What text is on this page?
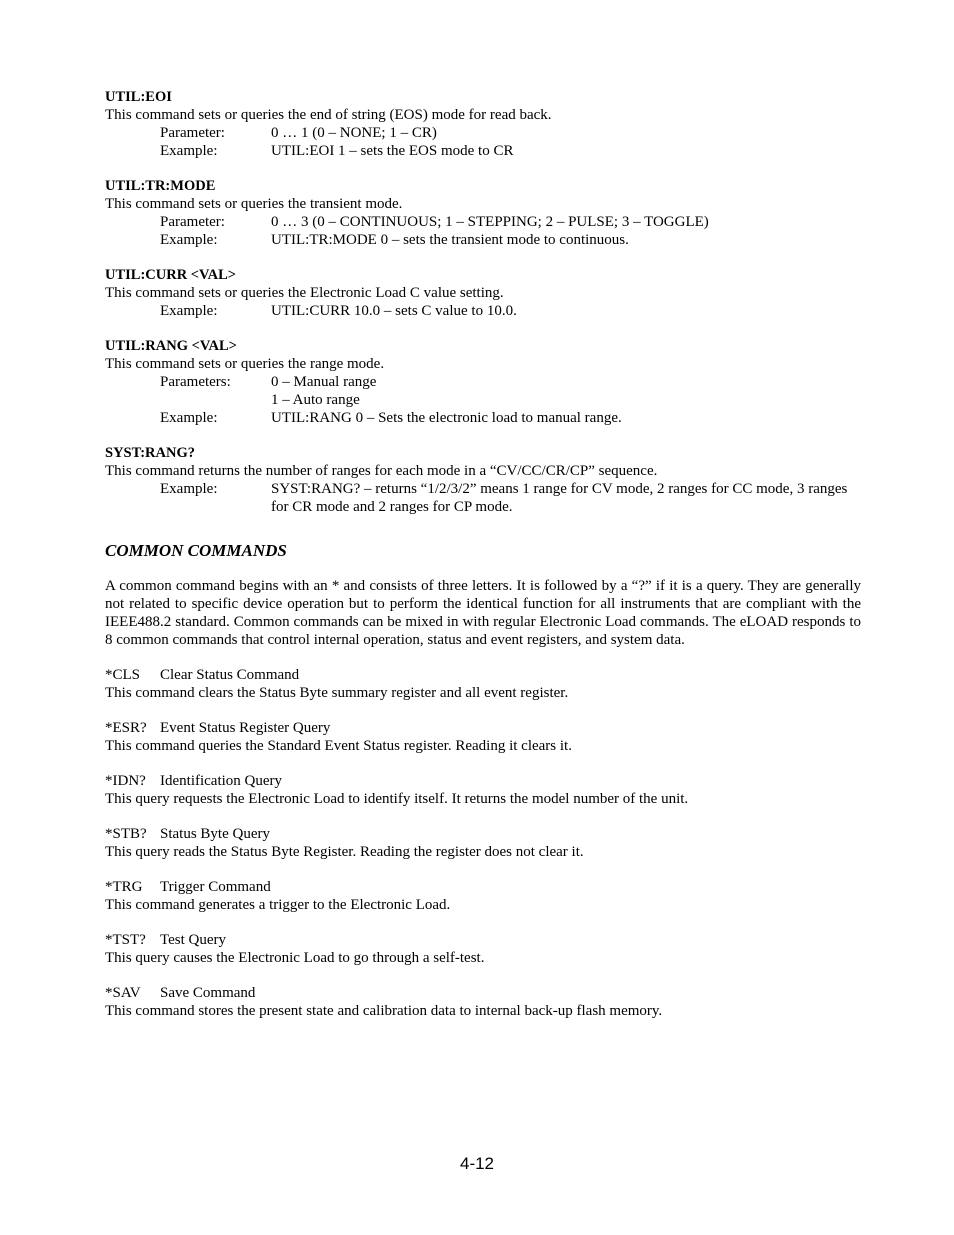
UTIL:EOI

This command sets or queries the end of string (EOS) mode for read back.

Parameter:	0 … 1 (0 – NONE; 1 – CR)
Example:	UTIL:EOI 1 – sets the EOS mode to CR

UTIL:TR:MODE

This command sets or queries the transient mode.

Parameter:	0 … 3 (0 – CONTINUOUS; 1 – STEPPING; 2 – PULSE; 3 – TOGGLE)
Example:	UTIL:TR:MODE 0 – sets the transient mode to continuous.

UTIL:CURR <VAL>

This command sets or queries the Electronic Load C value setting.

Example:	UTIL:CURR 10.0 – sets C value to 10.0.

UTIL:RANG <VAL>

This command sets or queries the range mode.

Parameters:	0 – Manual range
1 – Auto range
Example:	UTIL:RANG 0 – Sets the electronic load to manual range.

SYST:RANG?

This command returns the number of ranges for each mode in a “CV/CC/CR/CP” sequence.

Example:	SYST:RANG? – returns “1/2/3/2” means 1 range for CV mode, 2 ranges for CC mode, 3 ranges for CR mode and 2 ranges for CP mode.

COMMON COMMANDS

A common command begins with an * and consists of three letters. It is followed by a “?” if it is a query. They are generally not related to specific device operation but to perform the identical function for all instruments that are compliant with the IEEE488.2 standard. Common commands can be mixed in with regular Electronic Load commands. The eLOAD responds to 8 common commands that control internal operation, status and event registers, and system data.

*CLS	Clear Status Command

This command clears the Status Byte summary register and all event register.

*ESR? Event Status Register Query

This command queries the Standard Event Status register. Reading it clears it.

*IDN? Identification Query

This query requests the Electronic Load to identify itself. It returns the model number of the unit.

*STB? Status Byte Query

This query reads the Status Byte Register. Reading the register does not clear it.

*TRG	Trigger Command

This command generates a trigger to the Electronic Load.

*TST? Test Query

This query causes the Electronic Load to go through a self-test.

*SAV	Save Command

This command stores the present state and calibration data to internal back-up flash memory.

4-12
